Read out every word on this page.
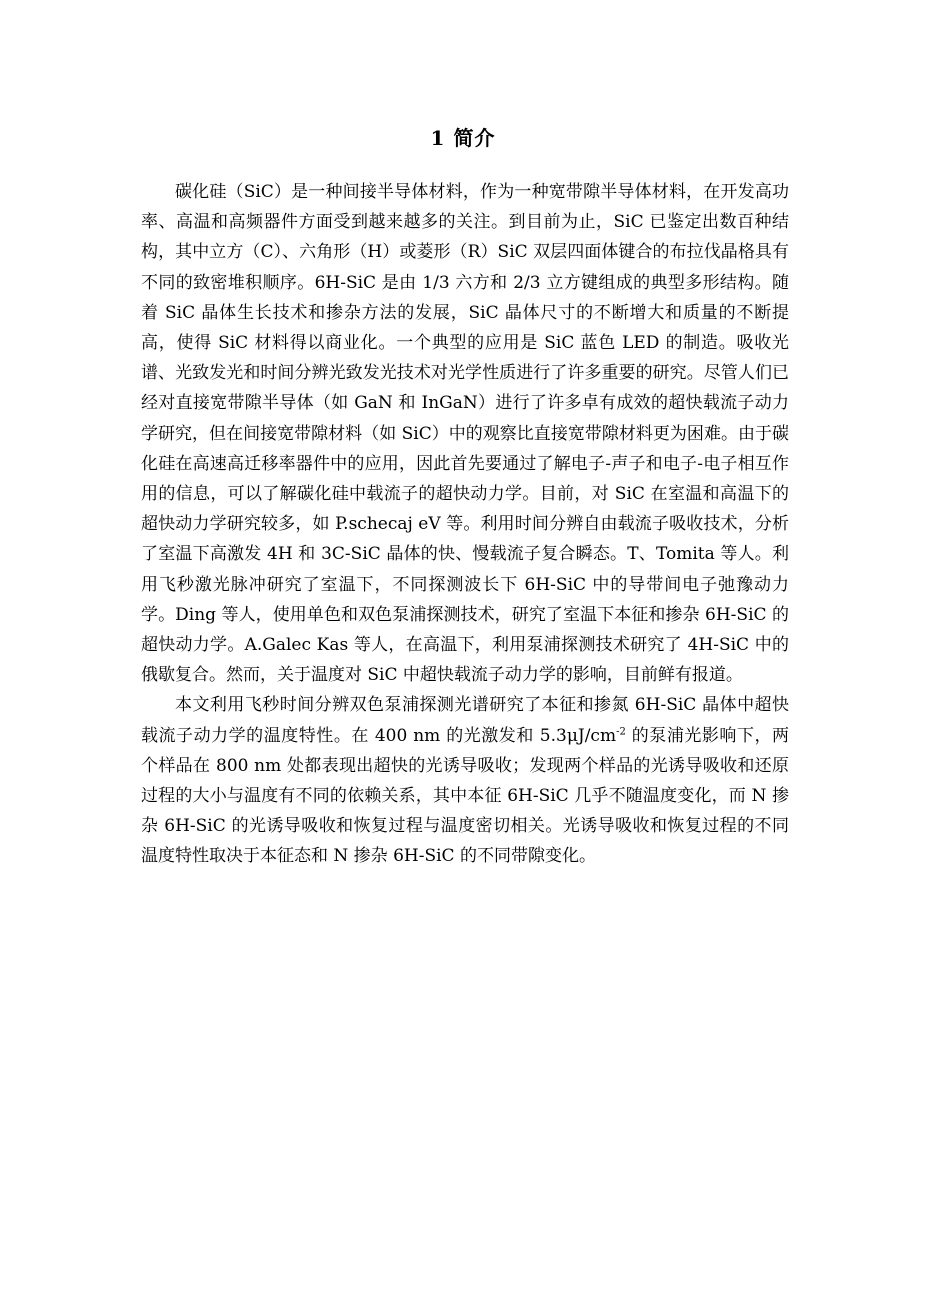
1 简介

碳化硅（SiC）是一种间接半导体材料，作为一种宽带隙半导体材料，在开发高功率、高温和高频器件方面受到越来越多的关注。到目前为止，SiC 已鉴定出数百种结构，其中立方（C）、六角形（H）或菱形（R）SiC 双层四面体键合的布拉伐晶格具有不同的致密堆积顺序。6H-SiC 是由 1/3 六方和 2/3 立方键组成的典型多形结构。随着 SiC 晶体生长技术和掺杂方法的发展，SiC 晶体尺寸的不断增大和质量的不断提高，使得 SiC 材料得以商业化。一个典型的应用是 SiC 蓝色 LED 的制造。吸收光谱、光致发光和时间分辨光致发光技术对光学性质进行了许多重要的研究。尽管人们已经对直接宽带隙半导体（如 GaN 和 InGaN）进行了许多卓有成效的超快载流子动力学研究，但在间接宽带隙材料（如 SiC）中的观察比直接宽带隙材料更为困难。由于碳化硅在高速高迁移率器件中的应用，因此首先要通过了解电子-声子和电子-电子相互作用的信息，可以了解碳化硅中载流子的超快动力学。目前，对 SiC 在室温和高温下的超快动力学研究较多，如 P.schecaj eV 等。利用时间分辨自由载流子吸收技术，分析了室温下高激发 4H 和 3C-SiC 晶体的快、慢载流子复合瞬态。T、Tomita 等人。利用飞秒激光脉冲研究了室温下，不同探测波长下 6H-SiC 中的导带间电子弛豫动力学。Ding 等人，使用单色和双色泵浦探测技术，研究了室温下本征和掺杂 6H-SiC 的超快动力学。A.Galec Kas 等人，在高温下，利用泵浦探测技术研究了 4H-SiC 中的俄歇复合。然而，关于温度对 SiC 中超快载流子动力学的影响，目前鲜有报道。

本文利用飞秒时间分辨双色泵浦探测光谱研究了本征和掺氮 6H-SiC 晶体中超快载流子动力学的温度特性。在 400 nm 的光激发和 $5.3\mu J/cm^{-2}$ 的泵浦光影响下，两个样品在 800 nm 处都表现出超快的光诱导吸收；发现两个样品的光诱导吸收和还原过程的大小与温度有不同的依赖关系，其中本征 6H-SiC 几乎不随温度变化，而 N 掺杂 6H-SiC 的光诱导吸收和恢复过程与温度密切相关。光诱导吸收和恢复过程的不同温度特性取决于本征态和 N 掺杂 6H-SiC 的不同带隙变化。
